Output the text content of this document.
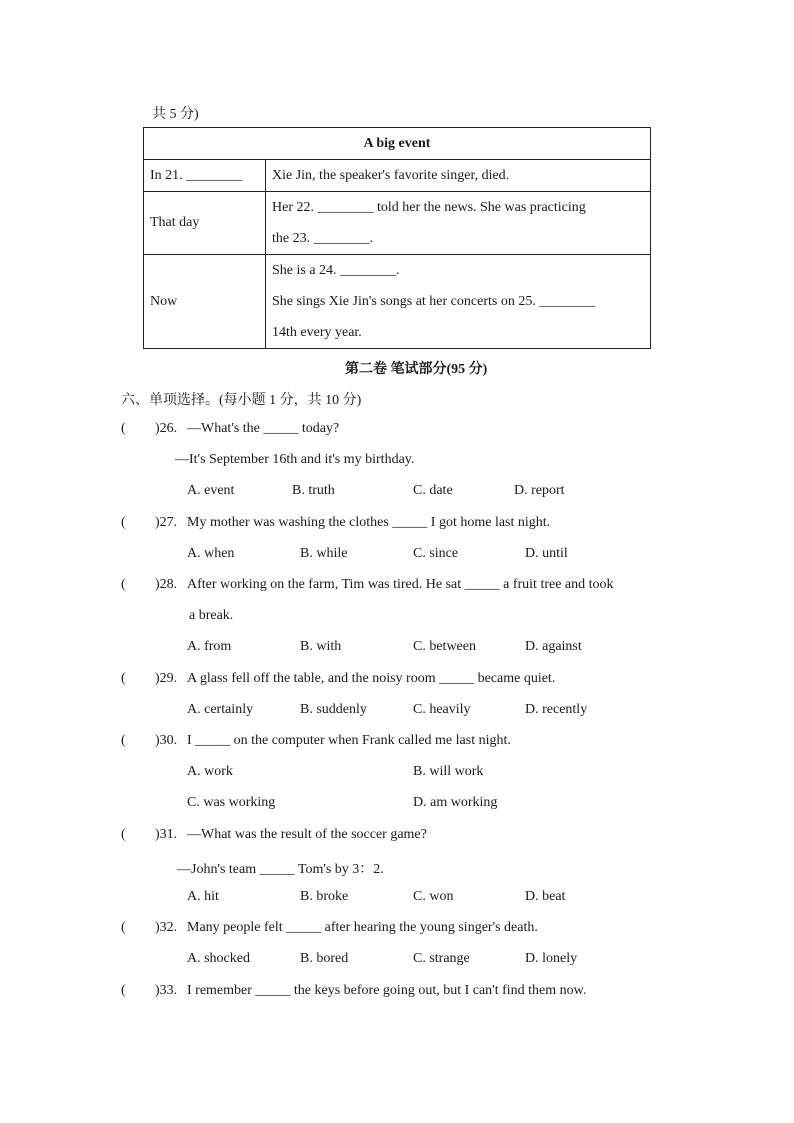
共 5 分)
A big event	
In 21. ________	Xie Jin, the speaker's favorite singer, died.

That day	Her 22. ________ told her the news. She was practicing
the 23. ________.

Now	She is a 24. ________.
She sings Xie Jin's songs at her concerts on 25. ________
14th every year.
第二卷 笔试部分(95 分)
六、单项选择。(每小题 1 分，共 10 分)
( )26. —What's the _____ today?
—It's September 16th and it's my birthday.
A. event	B. truth	C. date	D. report
( )27. My mother was washing the clothes _____ I got home last night.
A. when	B. while	C. since	D. until
( )28. After working on the farm, Tim was tired. He sat _____ a fruit tree and took
a break.
A. from	B. with	C. between	D. against
( )29. A glass fell off the table, and the noisy room _____ became quiet.
A. certainly	B. suddenly	C. heavily	D. recently
( )30. I _____ on the computer when Frank called me last night.
A. work	B. will work
C. was working	D. am working
( )31. —What was the result of the soccer game?
—John's team _____ Tom's by 3：2.
A. hit	B. broke	C. won	D. beat
( )32. Many people felt _____ after hearing the young singer's death.
A. shocked	B. bored	C. strange	D. lonely
( )33. I remember _____ the keys before going out, but I can't find them now.
